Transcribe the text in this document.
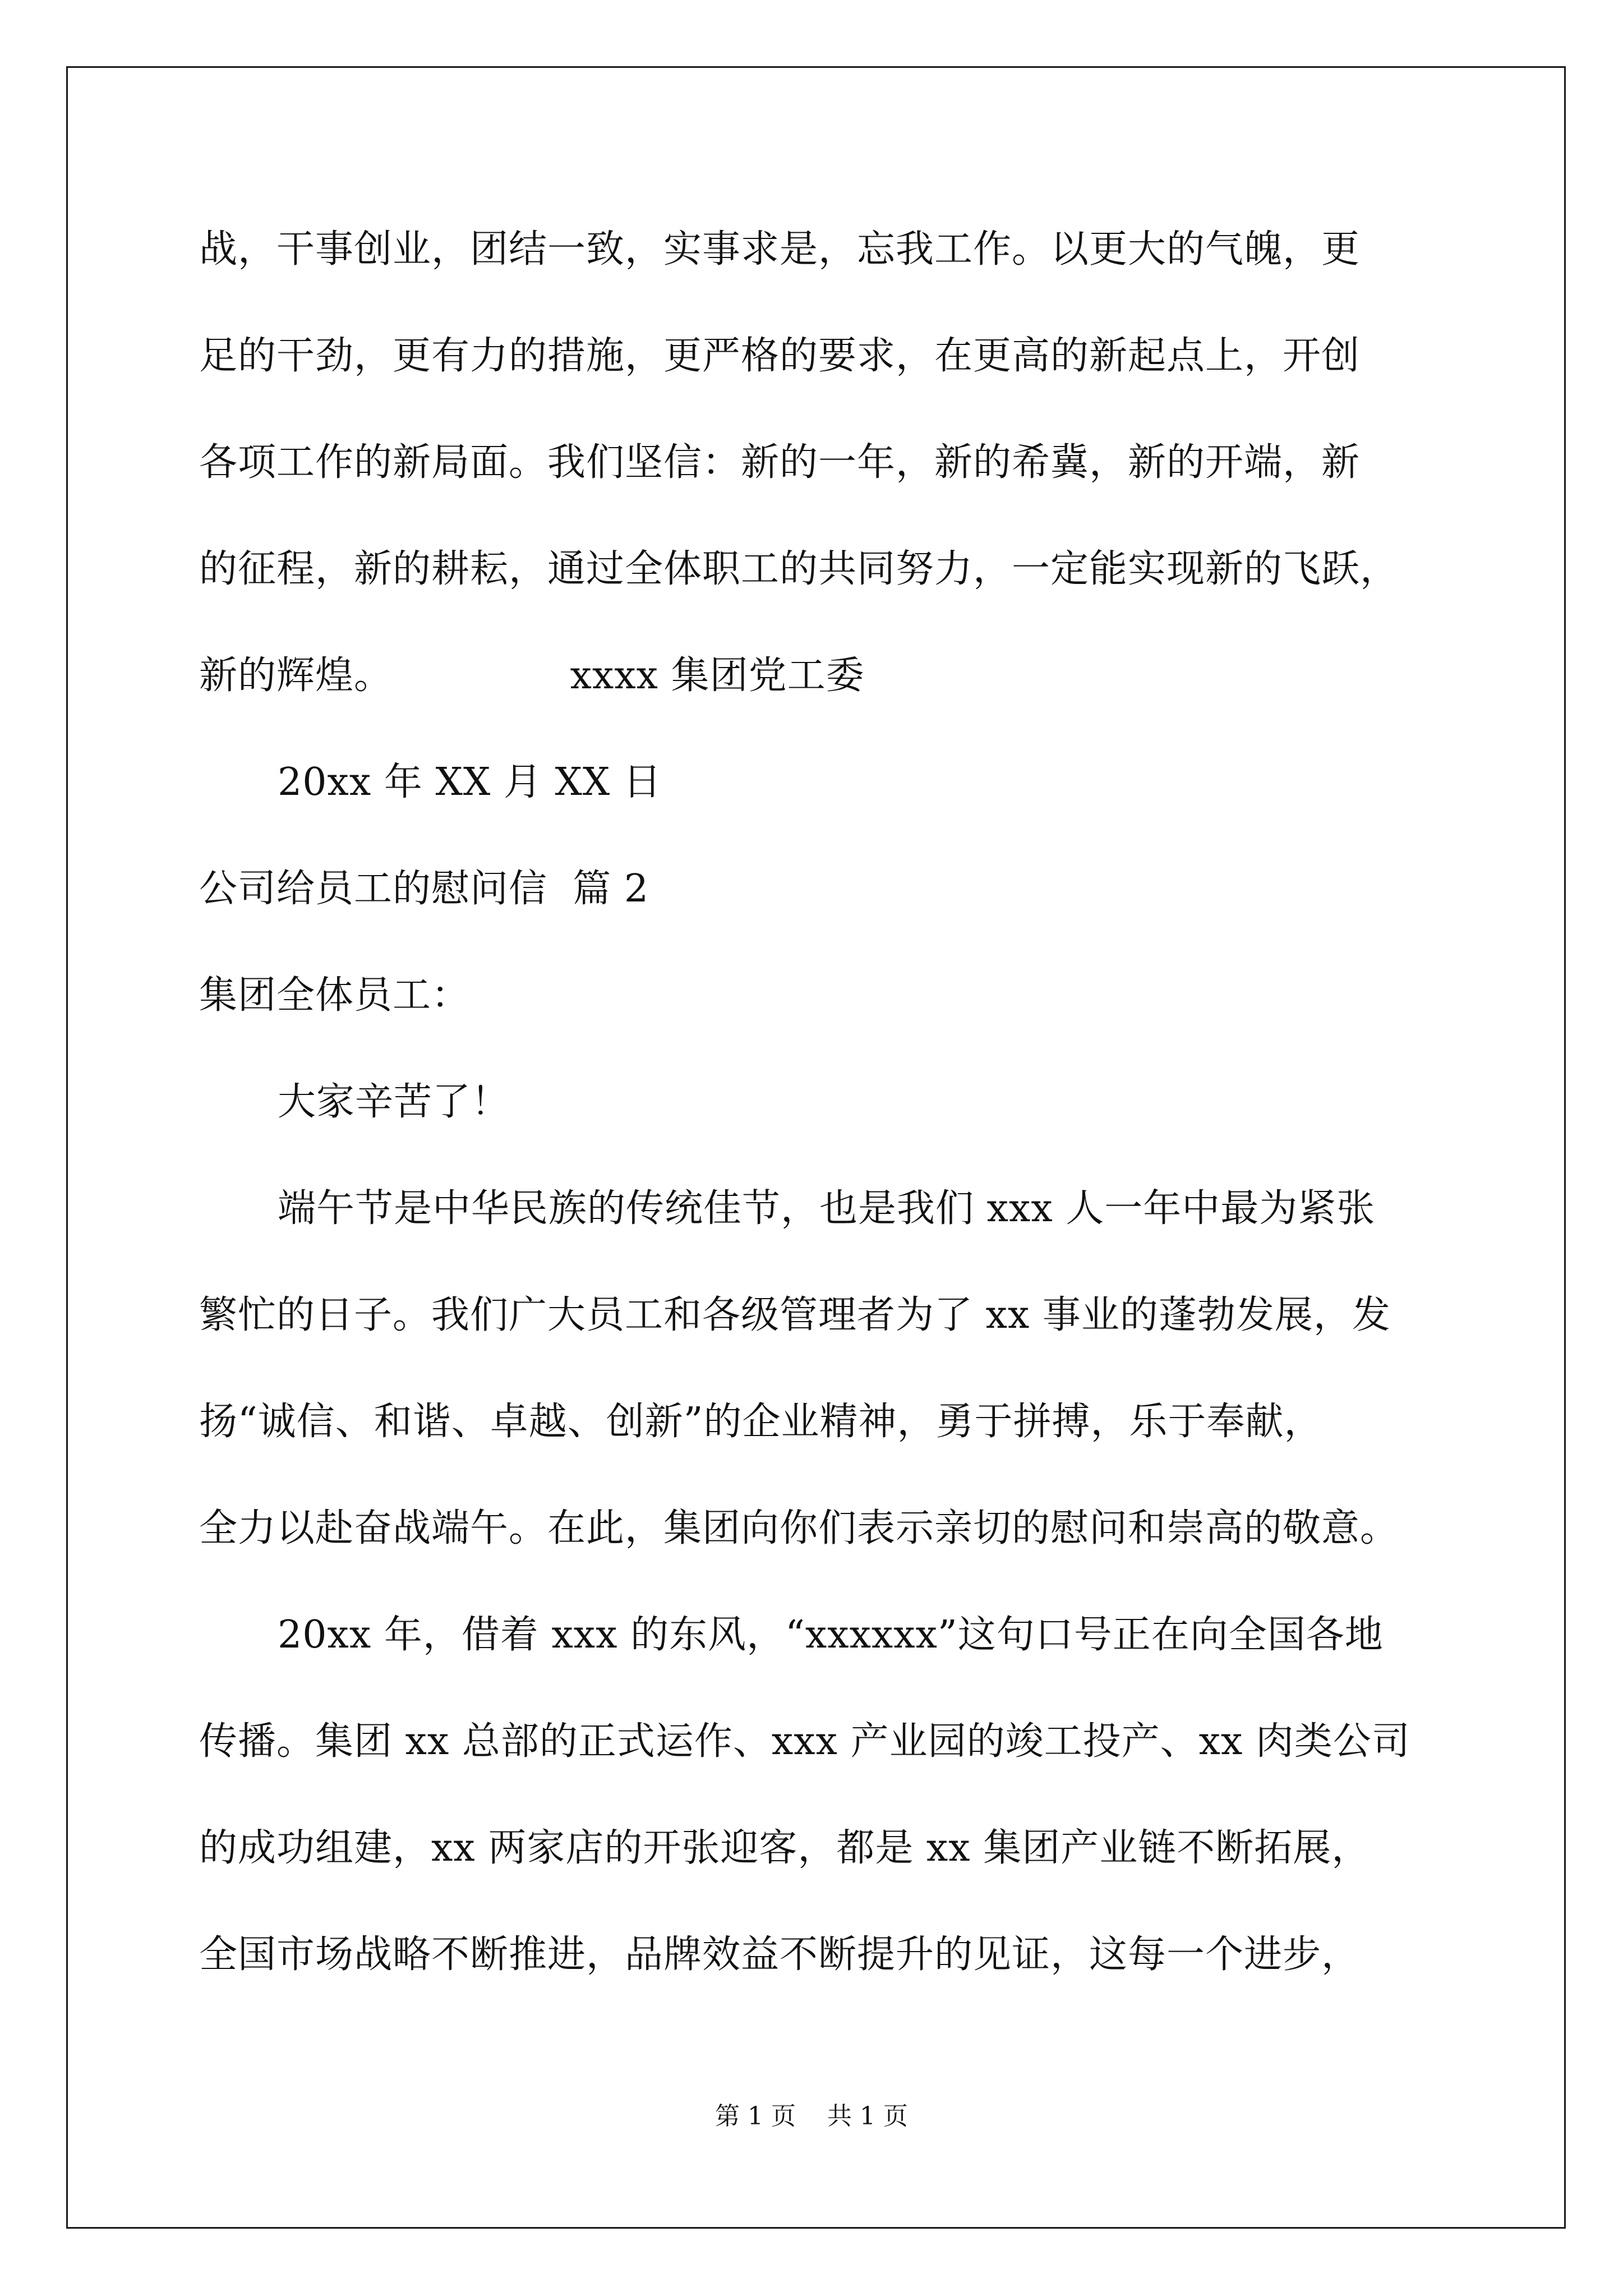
战，干事创业，团结一致，实事求是，忘我工作。以更大的气魄，更
足的干劲，更有力的措施，更严格的要求，在更高的新起点上，开创
各项工作的新局面。我们坚信：新的一年，新的希冀，新的开端，新
的征程，新的耕耘，通过全体职工的共同努力，一定能实现新的飞跃，
新的辉煌。              xxxx 集团党工委
20xx 年 XX 月 XX 日
公司给员工的慰问信  篇 2
集团全体员工：
大家辛苦了！
端午节是中华民族的传统佳节，也是我们 xxx 人一年中最为紧张
繁忙的日子。我们广大员工和各级管理者为了 xx 事业的蓬勃发展，发
扬“诚信、和谐、卓越、创新”的企业精神，勇于拼搏，乐于奉献，
全力以赴奋战端午。在此，集团向你们表示亲切的慰问和崇高的敬意。
20xx 年，借着 xxx 的东风，“xxxxxx”这句口号正在向全国各地
传播。集团 xx 总部的正式运作、xxx 产业园的竣工投产、xx 肉类公司
的成功组建，xx 两家店的开张迎客，都是 xx 集团产业链不断拓展，
全国市场战略不断推进，品牌效益不断提升的见证，这每一个进步，
第 1 页    共 1 页
